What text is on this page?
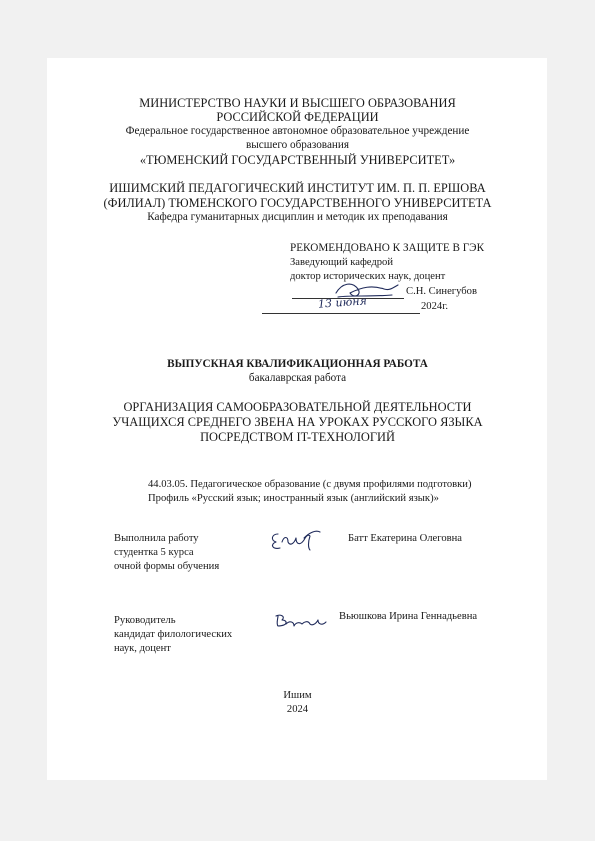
МИНИСТЕРСТВО НАУКИ И ВЫСШЕГО ОБРАЗОВАНИЯ
РОССИЙСКОЙ ФЕДЕРАЦИИ
Федеральное государственное автономное образовательное учреждение
высшего образования
«ТЮМЕНСКИЙ ГОСУДАРСТВЕННЫЙ УНИВЕРСИТЕТ»
ИШИМСКИЙ ПЕДАГОГИЧЕСКИЙ ИНСТИТУТ ИМ. П. П. ЕРШОВА
(ФИЛИАЛ) ТЮМЕНСКОГО ГОСУДАРСТВЕННОГО УНИВЕРСИТЕТА
Кафедра гуманитарных дисциплин и методик их преподавания
РЕКОМЕНДОВАНО К ЗАЩИТЕ В ГЭК
Заведующий кафедрой
доктор исторических наук, доцент
С.Н. Синегубов
13 июня	2024г.
ВЫПУСКНАЯ КВАЛИФИКАЦИОННАЯ РАБОТА
бакалаврская работа
ОРГАНИЗАЦИЯ САМООБРАЗОВАТЕЛЬНОЙ ДЕЯТЕЛЬНОСТИ
УЧАЩИХСЯ СРЕДНЕГО ЗВЕНА НА УРОКАХ РУССКОГО ЯЗЫКА
ПОСРЕДСТВОМ IT-ТЕХНОЛОГИЙ
44.03.05. Педагогическое образование (с двумя профилями подготовки)
Профиль «Русский язык; иностранный язык (английский язык)»
Выполнила работу
студентка 5 курса
очной формы обучения
Батт Екатерина Олеговна
Руководитель
кандидат филологических
наук, доцент
Вьюшкова Ирина Геннадьевна
Ишим
2024
